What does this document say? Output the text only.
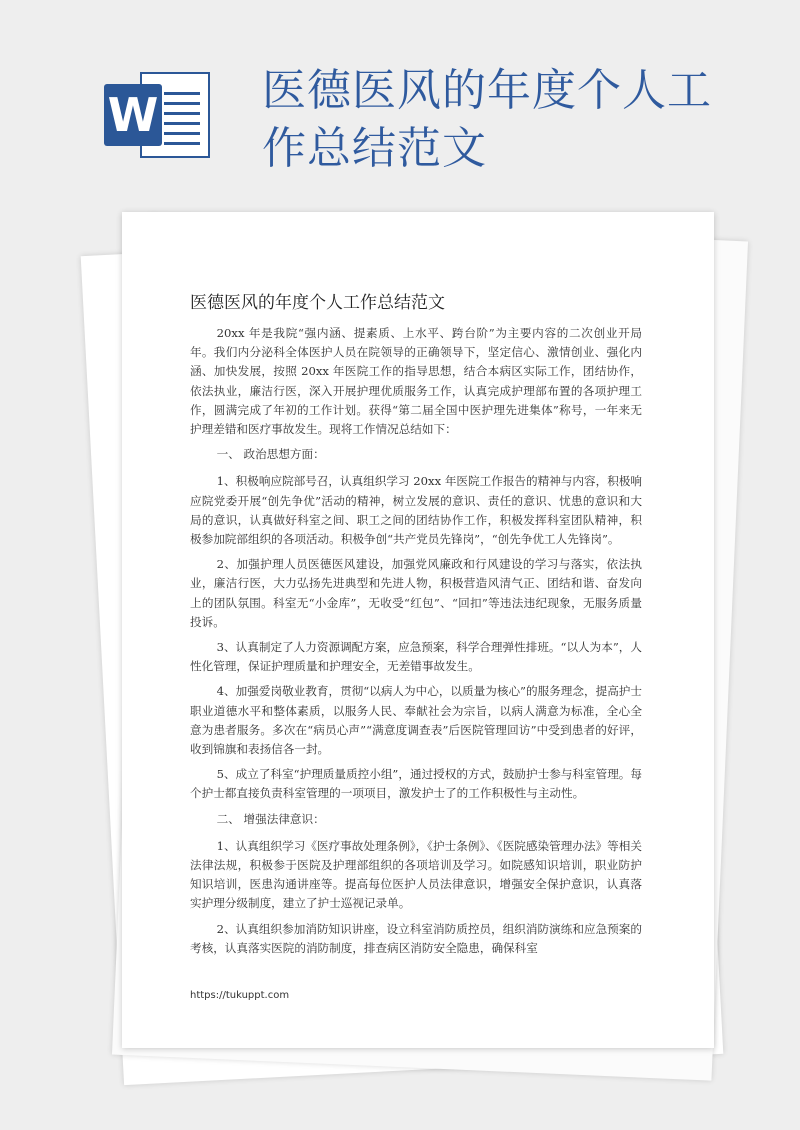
W 医德医风的年度个人工
作总结范文
医德医风的年度个人工作总结范文

20xx 年是我院“强内涵、提素质、上水平、跨台阶”为主要内容的二次创业开局年。我们内分泌科全体医护人员在院领导的正确领导下，坚定信心、激情创业、强化内涵、加快发展，按照 20xx 年医院工作的指导思想，结合本病区实际工作，团结协作，依法执业，廉洁行医，深入开展护理优质服务工作，认真完成护理部布置的各项护理工作，圆满完成了年初的工作计划。获得“第二届全国中医护理先进集体”称号，一年来无护理差错和医疗事故发生。现将工作情况总结如下：

一、 政治思想方面：

1、积极响应院部号召，认真组织学习 20xx 年医院工作报告的精神与内容，积极响应院党委开展“创先争优”活动的精神，树立发展的意识、责任的意识、忧患的意识和大局的意识，认真做好科室之间、职工之间的团结协作工作，积极发挥科室团队精神，积极参加院部组织的各项活动。积极争创“共产党员先锋岗”，“创先争优工人先锋岗”。

2、加强护理人员医德医风建设，加强党风廉政和行风建设的学习与落实，依法执业，廉洁行医，大力弘扬先进典型和先进人物，积极营造风清气正、团结和谐、奋发向上的团队氛围。科室无“小金库”，无收受“红包”、“回扣”等违法违纪现象，无服务质量投诉。

3、认真制定了人力资源调配方案，应急预案，科学合理弹性排班。“以人为本”，人性化管理，保证护理质量和护理安全，无差错事故发生。

4、加强爱岗敬业教育，贯彻“以病人为中心，以质量为核心”的服务理念，提高护士职业道德水平和整体素质，以服务人民、奉献社会为宗旨，以病人满意为标准，全心全意为患者服务。多次在“病员心声”“满意度调查表”后医院管理回访”中受到患者的好评，收到锦旗和表扬信各一封。

5、成立了科室“护理质量质控小组”，通过授权的方式，鼓励护士参与科室管理。每个护士都直接负责科室管理的一项项目，激发护士了的工作积极性与主动性。

二、 增强法律意识：

1、认真组织学习《医疗事故处理条例》，《护士条例》、《医院感染管理办法》等相关法律法规，积极参于医院及护理部组织的各项培训及学习。如院感知识培训，职业防护知识培训，医患沟通讲座等。提高每位医护人员法律意识，增强安全保护意识，认真落实护理分级制度，建立了护士巡视记录单。

2、认真组织参加消防知识讲座，设立科室消防质控员，组织消防演练和应急预案的考核，认真落实医院的消防制度，排查病区消防安全隐患，确保科室

https://tukuppt.com
